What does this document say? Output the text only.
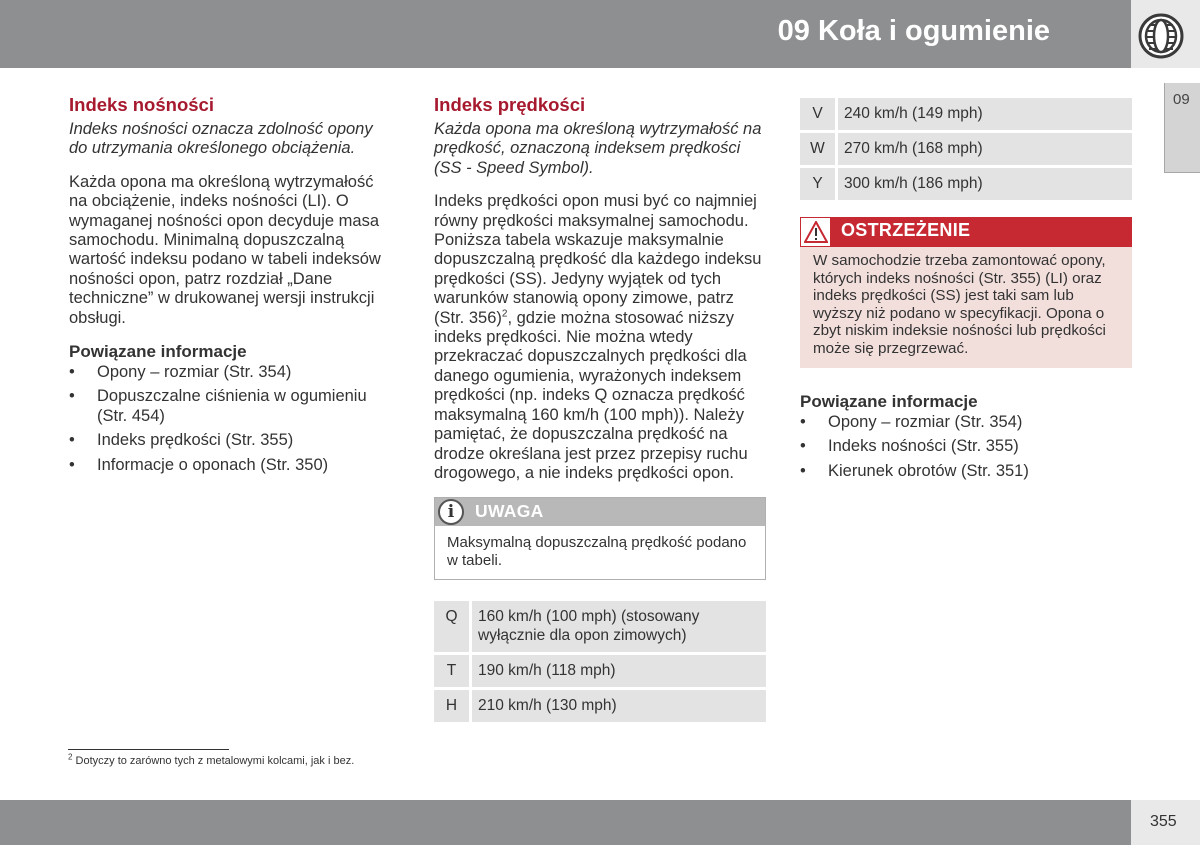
09 Koła i ogumienie
09
Indeks nośności

Indeks nośności oznacza zdolność opony do utrzymania określonego obciążenia.

Każda opona ma określoną wytrzymałość na obciążenie, indeks nośności (LI). O wymaganej nośności opon decyduje masa samochodu. Minimalną dopuszczalną wartość indeksu podano w tabeli indeksów nośności opon, patrz rozdział „Dane techniczne” w drukowanej wersji instrukcji obsługi.

Powiązane informacje
• Opony – rozmiar (Str. 354)
• Dopuszczalne ciśnienia w ogumieniu (Str. 454)
• Indeks prędkości (Str. 355)
• Informacje o oponach (Str. 350)
Indeks prędkości

Każda opona ma określoną wytrzymałość na prędkość, oznaczoną indeksem prędkości (SS - Speed Symbol).

Indeks prędkości opon musi być co najmniej równy prędkości maksymalnej samochodu. Poniższa tabela wskazuje maksymalnie dopuszczalną prędkość dla każdego indeksu prędkości (SS). Jedyny wyjątek od tych warunków stanowią opony zimowe, patrz (Str. 356)$^2$, gdzie można stosować niższy indeks prędkości. Nie można wtedy przekraczać dopuszczalnych prędkości dla danego ogumienia, wyrażonych indeksem prędkości (np. indeks Q oznacza prędkość maksymalną 160 km/h (100 mph)). Należy pamiętać, że dopuszczalna prędkość na drodze określana jest przez przepisy ruchu drogowego, a nie indeks prędkości opon.

i	UWAGA
Maksymalną dopuszczalną prędkość podano w tabeli.
Q	160 km/h (100 mph) (stosowany wyłącznie dla opon zimowych)
T	190 km/h (118 mph)
H	210 km/h (130 mph)
V	240 km/h (149 mph)
W	270 km/h (168 mph)
Y	300 km/h (186 mph)
OSTRZEŻENIE
W samochodzie trzeba zamontować opony, których indeks nośności (Str. 355) (LI) oraz indeks prędkości (SS) jest taki sam lub wyższy niż podano w specyfikacji. Opona o zbyt niskim indeksie nośności lub prędkości może się przegrzewać.
Powiązane informacje
• Opony – rozmiar (Str. 354)
• Indeks nośności (Str. 355)
• Kierunek obrotów (Str. 351)
$^2$ Dotyczy to zarówno tych z metalowymi kolcami, jak i bez.
355
